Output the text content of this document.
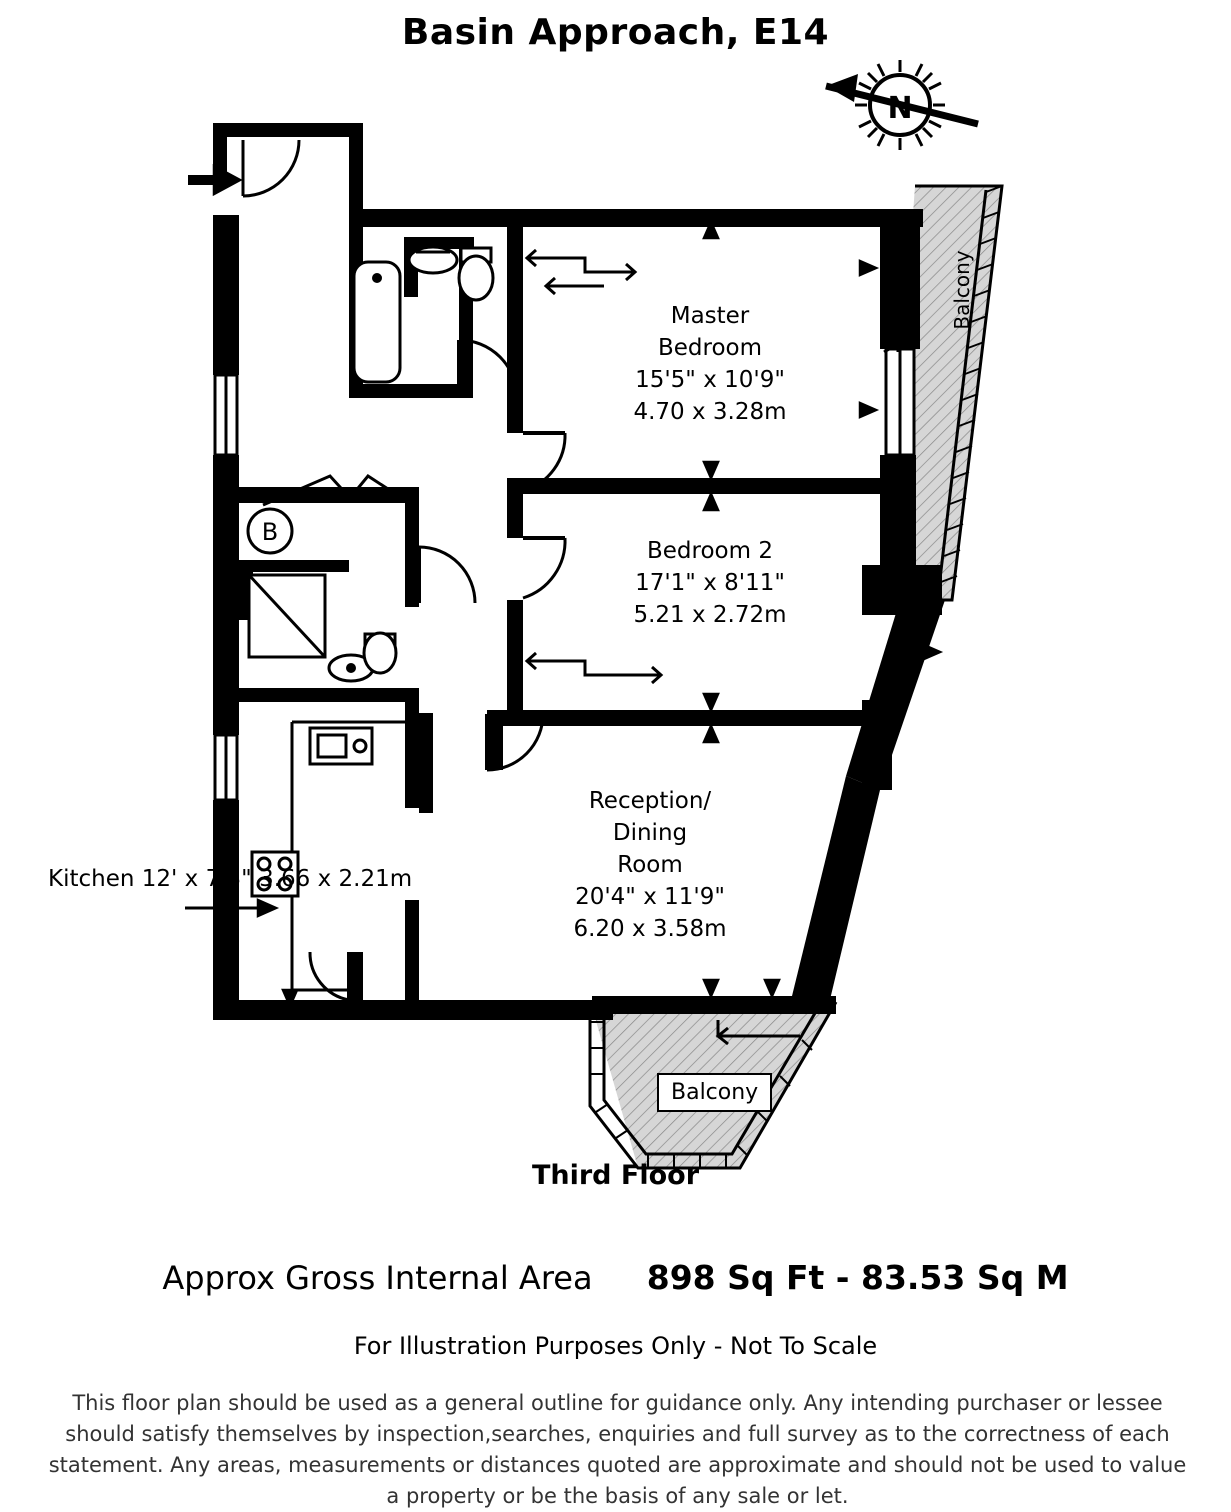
Basin Approach, E14
N
B
Master
Bedroom
15'5" x 10'9"
4.70 x 3.28m
Bedroom 2
17'1" x 8'11"
5.21 x 2.72m
Reception/
Dining
Room
20'4" x 11'9"
6.20 x 3.58m
Kitchen 12' x 7'3" 3.66 x 2.21m
Balcony
Balcony
Third Floor
Approx Gross Internal Area 898 Sq Ft - 83.53 Sq M
For Illustration Purposes Only - Not To Scale
This floor plan should be used as a general outline for guidance only. Any intending purchaser or lessee should satisfy themselves by inspection,searches, enquiries and full survey as to the correctness of each statement. Any areas, measurements or distances quoted are approximate and should not be used to value a property or be the basis of any sale or let.
